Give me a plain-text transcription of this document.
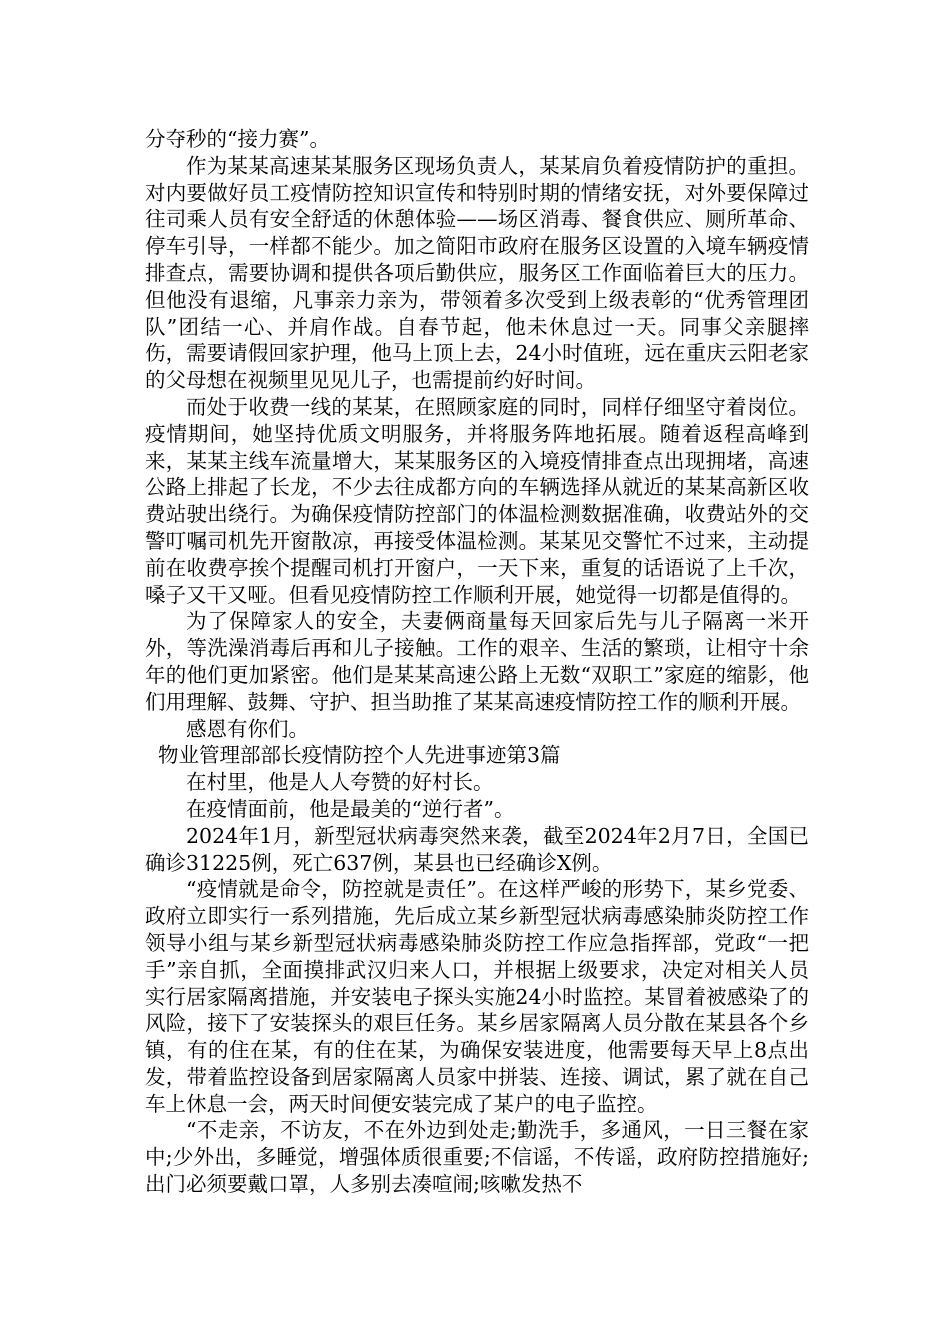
分夺秒的“接力赛”。

作为某某高速某某服务区现场负责人，某某肩负着疫情防护的重担。对内要做好员工疫情防控知识宣传和特别时期的情绪安抚，对外要保障过往司乘人员有安全舒适的休憩体验——场区消毒、餐食供应、厕所革命、停车引导，一样都不能少。加之简阳市政府在服务区设置的入境车辆疫情排查点，需要协调和提供各项后勤供应，服务区工作面临着巨大的压力。但他没有退缩，凡事亲力亲为，带领着多次受到上级表彰的“优秀管理团队”团结一心、并肩作战。自春节起，他未休息过一天。同事父亲腿摔伤，需要请假回家护理，他马上顶上去，24小时值班，远在重庆云阳老家的父母想在视频里见见儿子，也需提前约好时间。

而处于收费一线的某某，在照顾家庭的同时，同样仔细坚守着岗位。疫情期间，她坚持优质文明服务，并将服务阵地拓展。随着返程高峰到来，某某主线车流量增大，某某服务区的入境疫情排查点出现拥堵，高速公路上排起了长龙，不少去往成都方向的车辆选择从就近的某某高新区收费站驶出绕行。为确保疫情防控部门的体温检测数据准确，收费站外的交警叮嘱司机先开窗散凉，再接受体温检测。某某见交警忙不过来，主动提前在收费亭挨个提醒司机打开窗户，一天下来，重复的话语说了上千次，嗓子又干又哑。但看见疫情防控工作顺利开展，她觉得一切都是值得的。

为了保障家人的安全，夫妻俩商量每天回家后先与儿子隔离一米开外，等洗澡消毒后再和儿子接触。工作的艰辛、生活的繁琐，让相守十余年的他们更加紧密。他们是某某高速公路上无数“双职工”家庭的缩影，他们用理解、鼓舞、守护、担当助推了某某高速疫情防控工作的顺利开展。

感恩有你们。

物业管理部部长疫情防控个人先进事迹第3篇

在村里，他是人人夸赞的好村长。

在疫情面前，他是最美的“逆行者”。

2024年1月，新型冠状病毒突然来袭，截至2024年2月7日，全国已确诊31225例，死亡637例，某县也已经确诊X例。

“疫情就是命令，防控就是责任”。在这样严峻的形势下，某乡党委、政府立即实行一系列措施，先后成立某乡新型冠状病毒感染肺炎防控工作领导小组与某乡新型冠状病毒感染肺炎防控工作应急指挥部，党政“一把手”亲自抓，全面摸排武汉归来人口，并根据上级要求，决定对相关人员实行居家隔离措施，并安装电子探头实施24小时监控。某冒着被感染了的风险，接下了安装探头的艰巨任务。某乡居家隔离人员分散在某县各个乡镇，有的住在某，有的住在某，为确保安装进度，他需要每天早上8点出发，带着监控设备到居家隔离人员家中拼装、连接、调试，累了就在自己车上休息一会，两天时间便安装完成了某户的电子监控。

“不走亲，不访友，不在外边到处走;勤洗手，多通风，一日三餐在家中;少外出，多睡觉，增强体质很重要;不信谣，不传谣，政府防控措施好;出门必须要戴口罩，人多别去凑喧闹;咳嗽发热不
